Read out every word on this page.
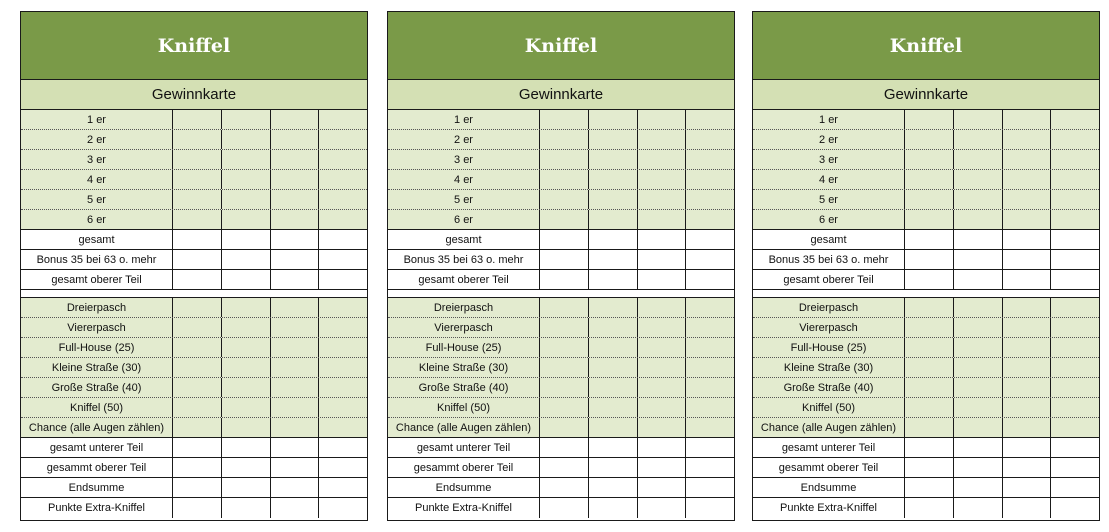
Kniffel
Gewinnkarte
1 er
2 er
3 er
4 er
5 er
6 er
gesamt
Bonus 35 bei 63 o. mehr
gesamt oberer Teil
Dreierpasch
Viererpasch
Full-House (25)
Kleine Straße (30)
Große Straße (40)
Kniffel (50)
Chance (alle Augen zählen)
gesamt unterer Teil
gesammt oberer Teil
Endsumme
Punkte Extra-Kniffel
Kniffel
Gewinnkarte
1 er
2 er
3 er
4 er
5 er
6 er
gesamt
Bonus 35 bei 63 o. mehr
gesamt oberer Teil
Dreierpasch
Viererpasch
Full-House (25)
Kleine Straße (30)
Große Straße (40)
Kniffel (50)
Chance (alle Augen zählen)
gesamt unterer Teil
gesammt oberer Teil
Endsumme
Punkte Extra-Kniffel
Kniffel
Gewinnkarte
1 er
2 er
3 er
4 er
5 er
6 er
gesamt
Bonus 35 bei 63 o. mehr
gesamt oberer Teil
Dreierpasch
Viererpasch
Full-House (25)
Kleine Straße (30)
Große Straße (40)
Kniffel (50)
Chance (alle Augen zählen)
gesamt unterer Teil
gesammt oberer Teil
Endsumme
Punkte Extra-Kniffel
